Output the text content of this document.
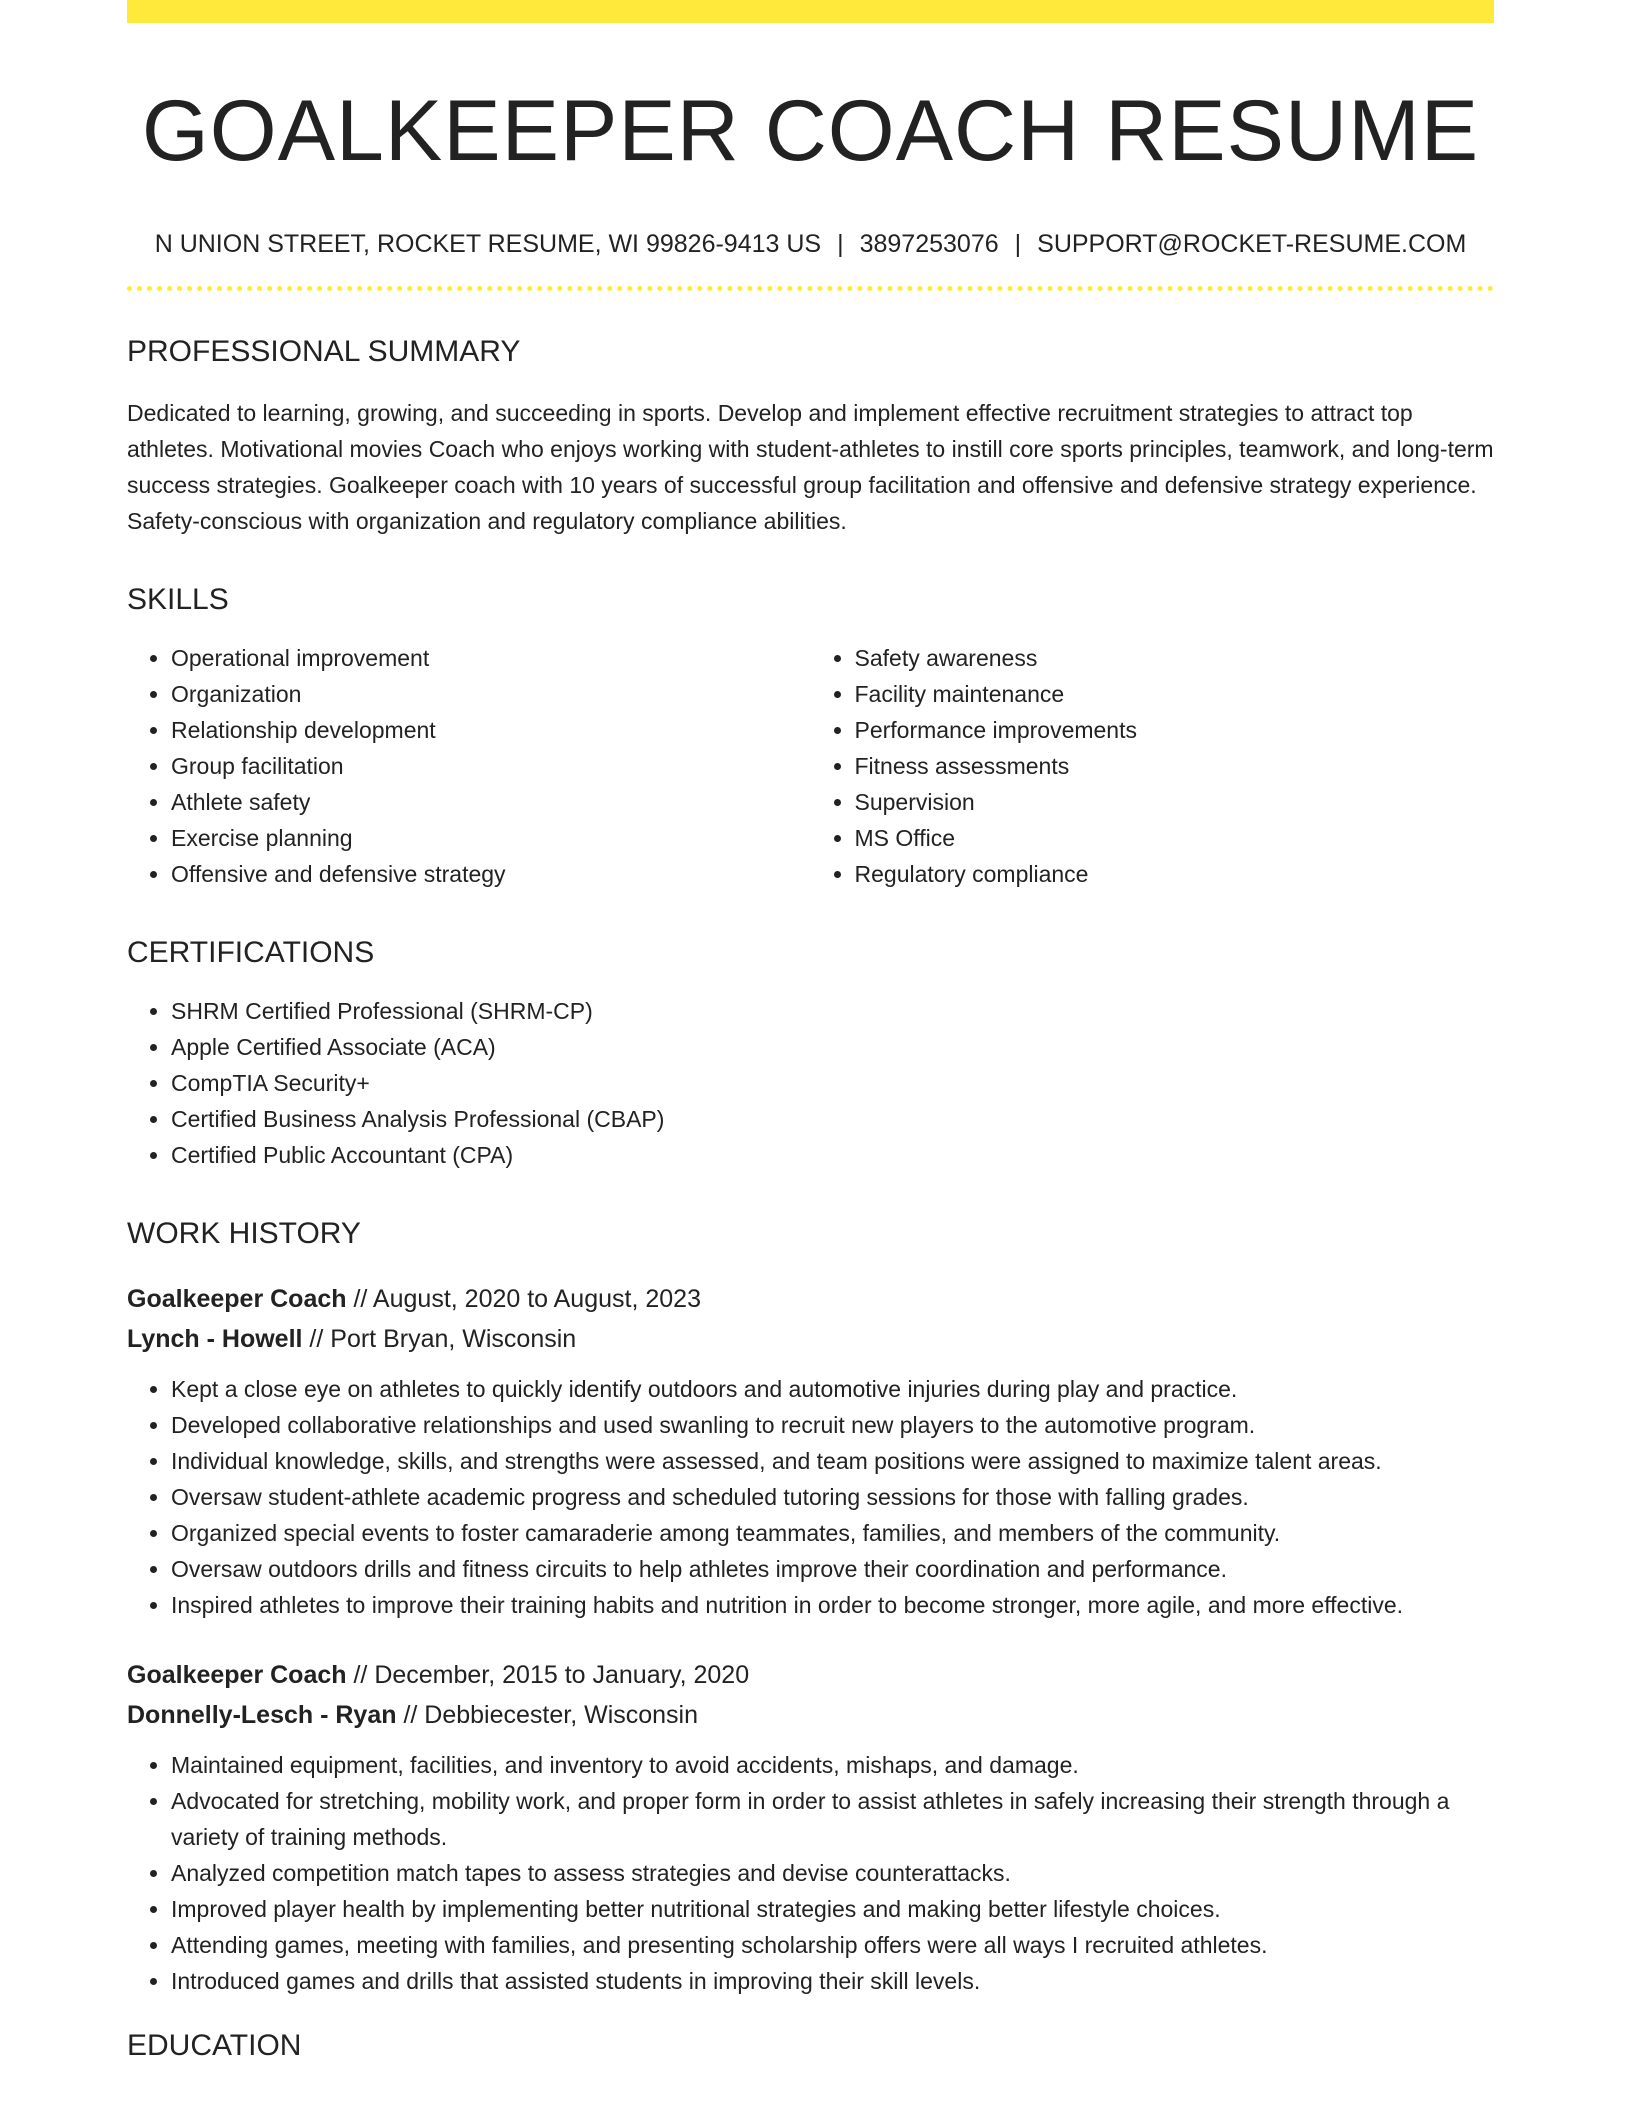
GOALKEEPER COACH RESUME
N UNION STREET, ROCKET RESUME, WI 99826-9413 US | 3897253076 | SUPPORT@ROCKET-RESUME.COM
PROFESSIONAL SUMMARY

Dedicated to learning, growing, and succeeding in sports. Develop and implement effective recruitment strategies to attract top athletes. Motivational movies Coach who enjoys working with student-athletes to instill core sports principles, teamwork, and long-term success strategies. Goalkeeper coach with 10 years of successful group facilitation and offensive and defensive strategy experience. Safety-conscious with organization and regulatory compliance abilities.

SKILLS
• Operational improvement
• Organization
• Relationship development
• Group facilitation
• Athlete safety
• Exercise planning
• Offensive and defensive strategy
• Safety awareness
• Facility maintenance
• Performance improvements
• Fitness assessments
• Supervision
• MS Office
• Regulatory compliance
CERTIFICATIONS
• SHRM Certified Professional (SHRM-CP)
• Apple Certified Associate (ACA)
• CompTIA Security+
• Certified Business Analysis Professional (CBAP)
• Certified Public Accountant (CPA)
WORK HISTORY
Goalkeeper Coach // August, 2020 to August, 2023
Lynch - Howell // Port Bryan, Wisconsin
• Kept a close eye on athletes to quickly identify outdoors and automotive injuries during play and practice.
• Developed collaborative relationships and used swanling to recruit new players to the automotive program.
• Individual knowledge, skills, and strengths were assessed, and team positions were assigned to maximize talent areas.
• Oversaw student-athlete academic progress and scheduled tutoring sessions for those with falling grades.
• Organized special events to foster camaraderie among teammates, families, and members of the community.
• Oversaw outdoors drills and fitness circuits to help athletes improve their coordination and performance.
• Inspired athletes to improve their training habits and nutrition in order to become stronger, more agile, and more effective.
Goalkeeper Coach // December, 2015 to January, 2020
Donnelly-Lesch - Ryan // Debbiecester, Wisconsin
• Maintained equipment, facilities, and inventory to avoid accidents, mishaps, and damage.
• Advocated for stretching, mobility work, and proper form in order to assist athletes in safely increasing their strength through a variety of training methods.
• Analyzed competition match tapes to assess strategies and devise counterattacks.
• Improved player health by implementing better nutritional strategies and making better lifestyle choices.
• Attending games, meeting with families, and presenting scholarship offers were all ways I recruited athletes.
• Introduced games and drills that assisted students in improving their skill levels.
EDUCATION
